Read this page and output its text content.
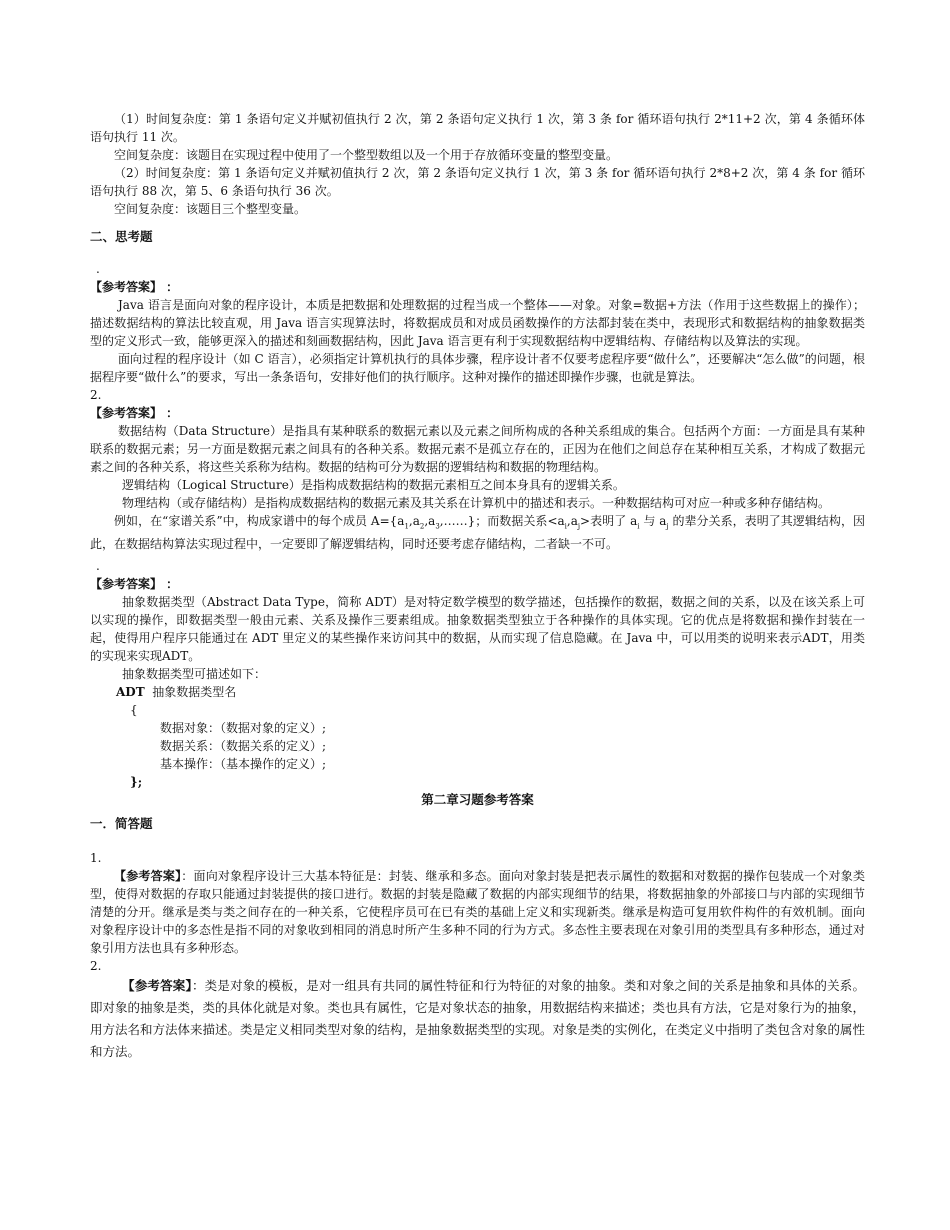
（1）时间复杂度：第 1 条语句定义并赋初值执行 2 次，第 2 条语句定义执行 1 次，第 3 条 for 循环语句执行 2*11+2 次，第 4 条循环体语句执行 11 次。

空间复杂度：该题目在实现过程中使用了一个整型数组以及一个用于存放循环变量的整型变量。

（2）时间复杂度：第 1 条语句定义并赋初值执行 2 次，第 2 条语句定义执行 1 次，第 3 条 for 循环语句执行 2*8+2 次，第 4 条 for 循环语句执行 88 次，第 5、6 条语句执行 36 次。

空间复杂度：该题目三个整型变量。

二、思考题

.

【参考答案】 ：

Java 语言是面向对象的程序设计，本质是把数据和处理数据的过程当成一个整体——对象。对象=数据+方法（作用于这些数据上的操作）；描述数据结构的算法比较直观，用 Java 语言实现算法时，将数据成员和对成员函数操作的方法都封装在类中，表现形式和数据结构的抽象数据类型的定义形式一致，能够更深入的描述和刻画数据结构，因此 Java 语言更有利于实现数据结构中逻辑结构、存储结构以及算法的实现。

面向过程的程序设计（如 C 语言），必须指定计算机执行的具体步骤，程序设计者不仅要考虑程序要“做什么”，还要解决“怎么做”的问题，根据程序要“做什么”的要求，写出一条条语句，安排好他们的执行顺序。这种对操作的描述即操作步骤，也就是算法。

2.

【参考答案】 ：

数据结构（Data Structure）是指具有某种联系的数据元素以及元素之间所构成的各种关系组成的集合。包括两个方面：一方面是具有某种联系的数据元素；另一方面是数据元素之间具有的各种关系。数据元素不是孤立存在的，正因为在他们之间总存在某种相互关系，才构成了数据元素之间的各种关系，将这些关系称为结构。数据的结构可分为数据的逻辑结构和数据的物理结构。

逻辑结构（Logical Structure）是指构成数据结构的数据元素相互之间本身具有的逻辑关系。

物理结构（或存储结构）是指构成数据结构的数据元素及其关系在计算机中的描述和表示。一种数据结构可对应一种或多种存储结构。

例如，在“家谱关系”中，构成家谱中的每个成员 $A=\{a_1,a_2,a_3,\dots\dots\}$；而数据关系$<a_i,a_j>$表明了 $a_i$ 与 $a_j$ 的辈分关系，表明了其逻辑结构，因此，在数据结构算法实现过程中，一定要即了解逻辑结构，同时还要考虑存储结构，二者缺一不可。

.

【参考答案】 ：

抽象数据类型（Abstract Data Type，简称 ADT）是对特定数学模型的数学描述，包括操作的数据，数据之间的关系，以及在该关系上可以实现的操作，即数据类型一般由元素、关系及操作三要素组成。抽象数据类型独立于各种操作的具体实现。它的优点是将数据和操作封装在一起，使得用户程序只能通过在 ADT 里定义的某些操作来访问其中的数据，从而实现了信息隐藏。在 Java 中，可以用类的说明来表示ADT，用类的实现来实现ADT。

抽象数据类型可描述如下：

ADT 抽象数据类型名

{

数据对象：（数据对象的定义）;

数据关系：（数据关系的定义）;

基本操作：（基本操作的定义）;

};

第二章习题参考答案

一．简答题

1.

【参考答案】：面向对象程序设计三大基本特征是：封装、继承和多态。面向对象封装是把表示属性的数据和对数据的操作包装成一个对象类型，使得对数据的存取只能通过封装提供的接口进行。数据的封装是隐藏了数据的内部实现细节的结果，将数据抽象的外部接口与内部的实现细节清楚的分开。继承是类与类之间存在的一种关系，它使程序员可在已有类的基础上定义和实现新类。继承是构造可复用软件构件的有效机制。面向对象程序设计中的多态性是指不同的对象收到相同的消息时所产生多种不同的行为方式。多态性主要表现在对象引用的类型具有多种形态，通过对象引用方法也具有多种形态。

2.

【参考答案】：类是对象的模板，是对一组具有共同的属性特征和行为特征的对象的抽象。类和对象之间的关系是抽象和具体的关系。即对象的抽象是类，类的具体化就是对象。类也具有属性，它是对象状态的抽象，用数据结构来描述；类也具有方法，它是对象行为的抽象，用方法名和方法体来描述。类是定义相同类型对象的结构，是抽象数据类型的实现。对象是类的实例化，在类定义中指明了类包含对象的属性和方法。
